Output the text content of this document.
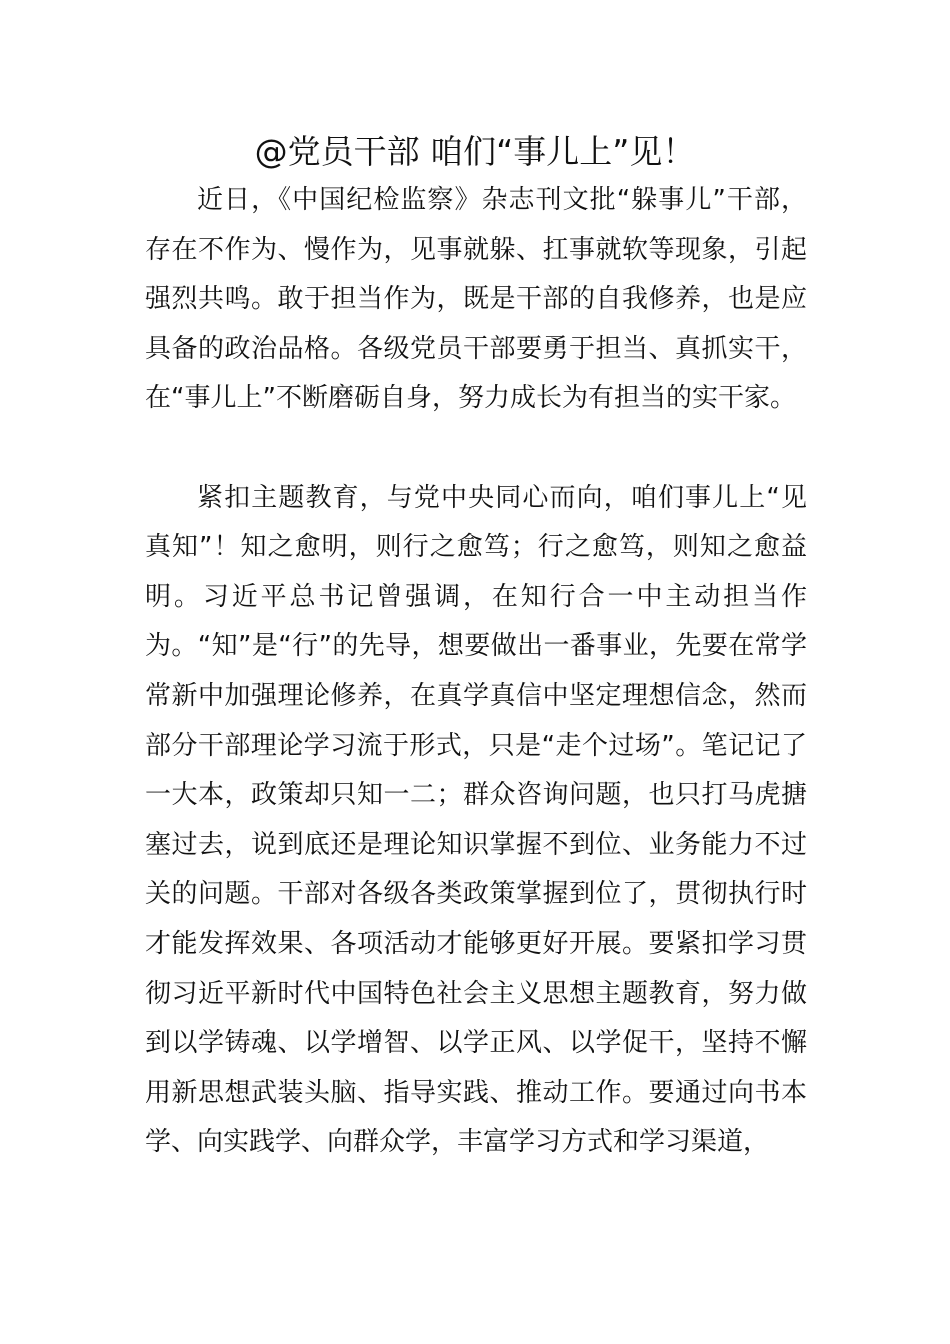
@党员干部 咱们“事儿上”见！

近日，《中国纪检监察》杂志刊文批“躲事儿”干部，存在不作为、慢作为，见事就躲、扛事就软等现象，引起强烈共鸣。敢于担当作为，既是干部的自我修养，也是应具备的政治品格。各级党员干部要勇于担当、真抓实干，在“事儿上”不断磨砺自身，努力成长为有担当的实干家。

紧扣主题教育，与党中央同心而向，咱们事儿上“见真知”！知之愈明，则行之愈笃；行之愈笃，则知之愈益明。习近平总书记曾强调，在知行合一中主动担当作为。“知”是“行”的先导，想要做出一番事业，先要在常学常新中加强理论修养，在真学真信中坚定理想信念，然而部分干部理论学习流于形式，只是“走个过场”。笔记记了一大本，政策却只知一二；群众咨询问题，也只打马虎搪塞过去，说到底还是理论知识掌握不到位、业务能力不过关的问题。干部对各级各类政策掌握到位了，贯彻执行时才能发挥效果、各项活动才能够更好开展。要紧扣学习贯彻习近平新时代中国特色社会主义思想主题教育，努力做到以学铸魂、以学增智、以学正风、以学促干，坚持不懈用新思想武装头脑、指导实践、推动工作。要通过向书本学、向实践学、向群众学，丰富学习方式和学习渠道，
